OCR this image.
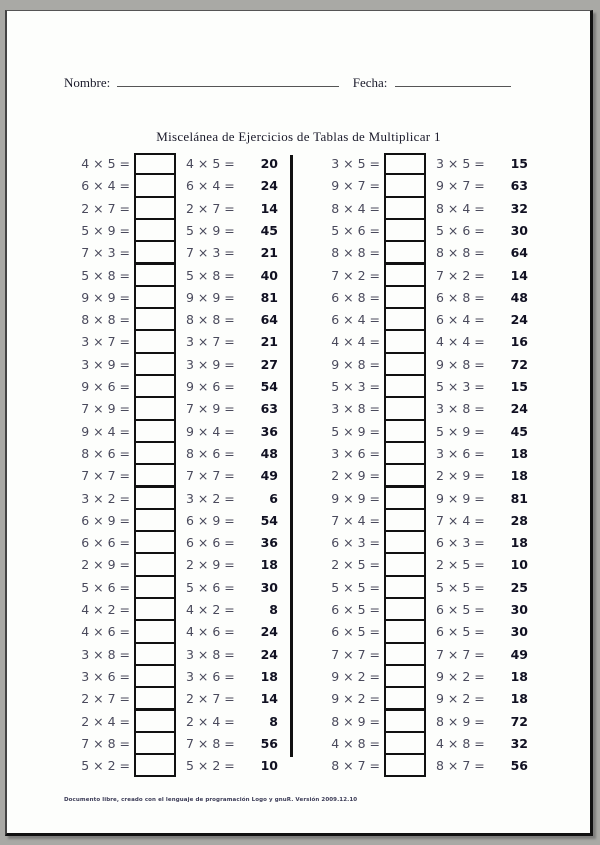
Nombre:	Fecha:
Miscelánea de Ejercicios de Tablas de Multiplicar 1
4 × 5 =	4 × 5 =	20
6 × 4 =	6 × 4 =	24
2 × 7 =	2 × 7 =	14
5 × 9 =	5 × 9 =	45
7 × 3 =	7 × 3 =	21
5 × 8 =	5 × 8 =	40
9 × 9 =	9 × 9 =	81
8 × 8 =	8 × 8 =	64
3 × 7 =	3 × 7 =	21
3 × 9 =	3 × 9 =	27
9 × 6 =	9 × 6 =	54
7 × 9 =	7 × 9 =	63
9 × 4 =	9 × 4 =	36
8 × 6 =	8 × 6 =	48
7 × 7 =	7 × 7 =	49
3 × 2 =	3 × 2 =	6
6 × 9 =	6 × 9 =	54
6 × 6 =	6 × 6 =	36
2 × 9 =	2 × 9 =	18
5 × 6 =	5 × 6 =	30
4 × 2 =	4 × 2 =	8
4 × 6 =	4 × 6 =	24
3 × 8 =	3 × 8 =	24
3 × 6 =	3 × 6 =	18
2 × 7 =	2 × 7 =	14
2 × 4 =	2 × 4 =	8
7 × 8 =	7 × 8 =	56
5 × 2 =	5 × 2 =	10
3 × 5 =	3 × 5 =	15
9 × 7 =	9 × 7 =	63
8 × 4 =	8 × 4 =	32
5 × 6 =	5 × 6 =	30
8 × 8 =	8 × 8 =	64
7 × 2 =	7 × 2 =	14
6 × 8 =	6 × 8 =	48
6 × 4 =	6 × 4 =	24
4 × 4 =	4 × 4 =	16
9 × 8 =	9 × 8 =	72
5 × 3 =	5 × 3 =	15
3 × 8 =	3 × 8 =	24
5 × 9 =	5 × 9 =	45
3 × 6 =	3 × 6 =	18
2 × 9 =	2 × 9 =	18
9 × 9 =	9 × 9 =	81
7 × 4 =	7 × 4 =	28
6 × 3 =	6 × 3 =	18
2 × 5 =	2 × 5 =	10
5 × 5 =	5 × 5 =	25
6 × 5 =	6 × 5 =	30
6 × 5 =	6 × 5 =	30
7 × 7 =	7 × 7 =	49
9 × 2 =	9 × 2 =	18
9 × 2 =	9 × 2 =	18
8 × 9 =	8 × 9 =	72
4 × 8 =	4 × 8 =	32
8 × 7 =	8 × 7 =	56
Documento libre, creado con el lenguaje de programación Logo y gnuR. Versión 2009.12.10
